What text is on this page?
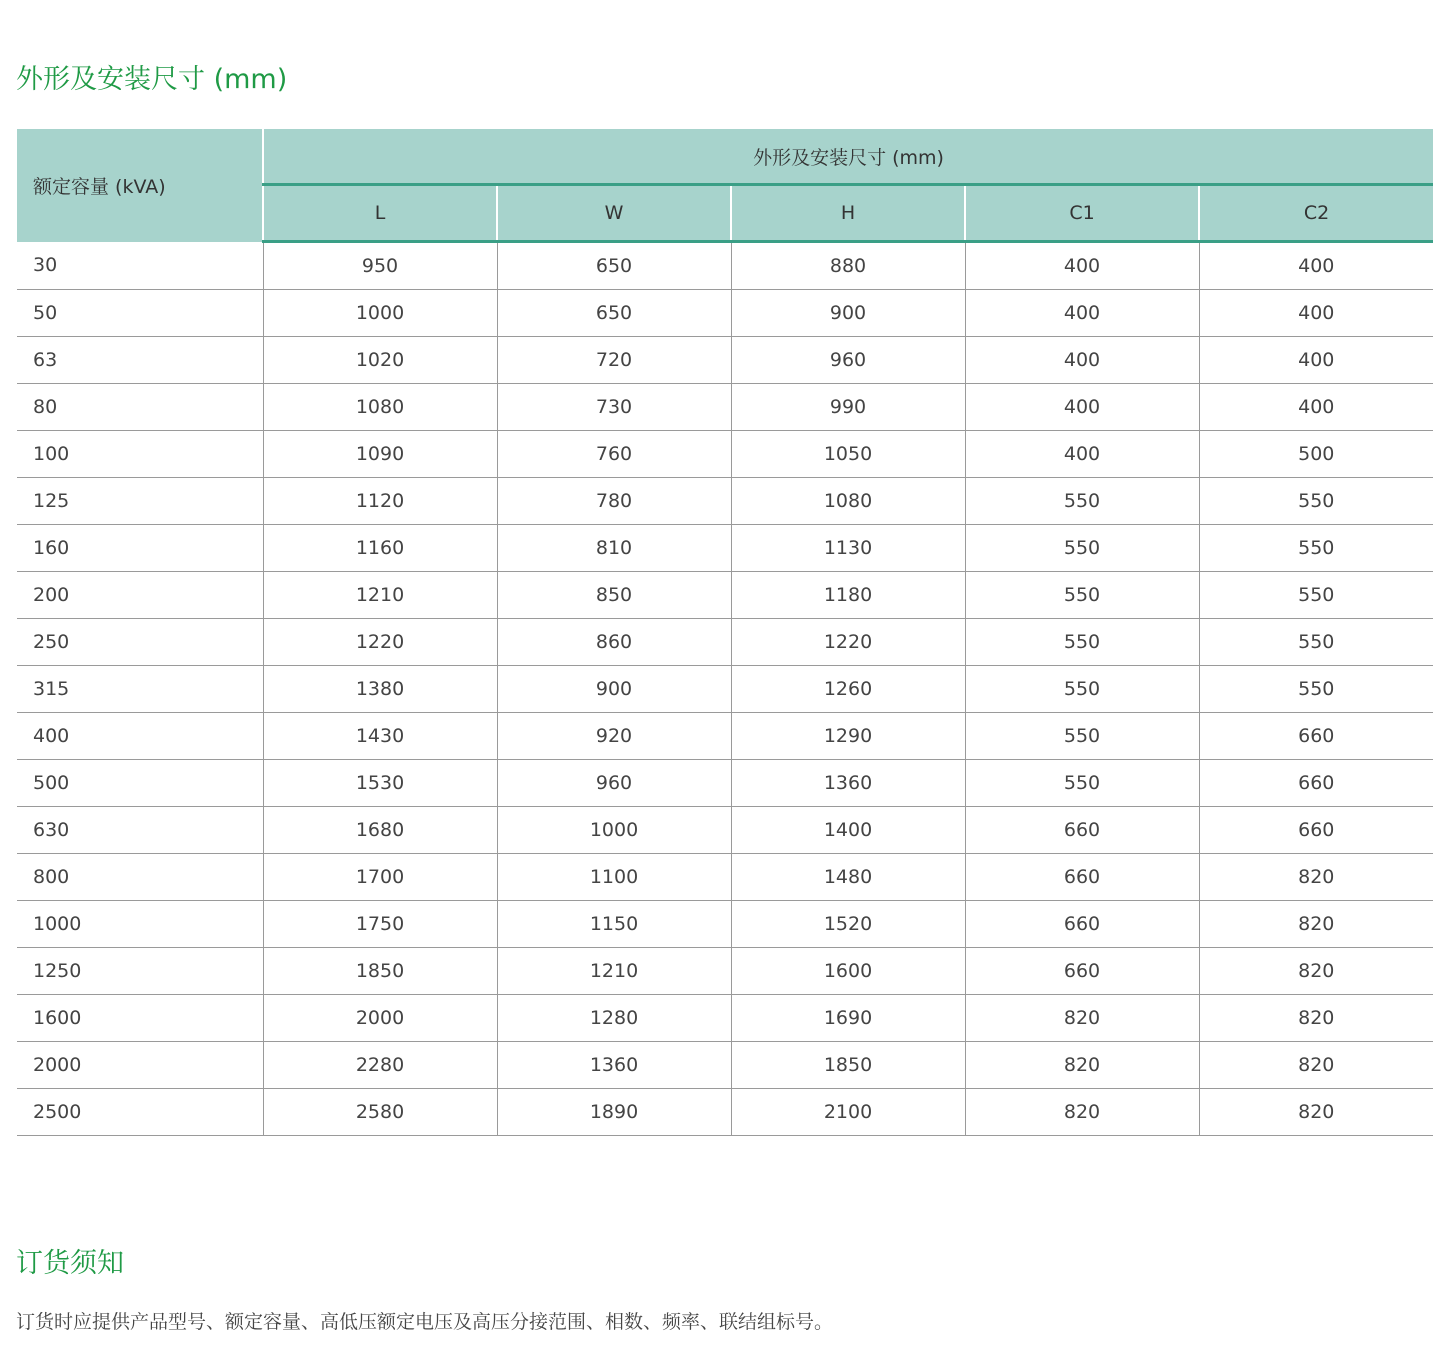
外形及安装尺寸 (mm)
额定容量 (kVA)	外形及安装尺寸 (mm)				
	L	W	H	C1	C2
30	950	650	880	400	400
50	1000	650	900	400	400
63	1020	720	960	400	400
80	1080	730	990	400	400
100	1090	760	1050	400	500
125	1120	780	1080	550	550
160	1160	810	1130	550	550
200	1210	850	1180	550	550
250	1220	860	1220	550	550
315	1380	900	1260	550	550
400	1430	920	1290	550	660
500	1530	960	1360	550	660
630	1680	1000	1400	660	660
800	1700	1100	1480	660	820
1000	1750	1150	1520	660	820
1250	1850	1210	1600	660	820
1600	2000	1280	1690	820	820
2000	2280	1360	1850	820	820
2500	2580	1890	2100	820	820
订货须知

订货时应提供产品型号、额定容量、高低压额定电压及高压分接范围、相数、频率、联结组标号。
